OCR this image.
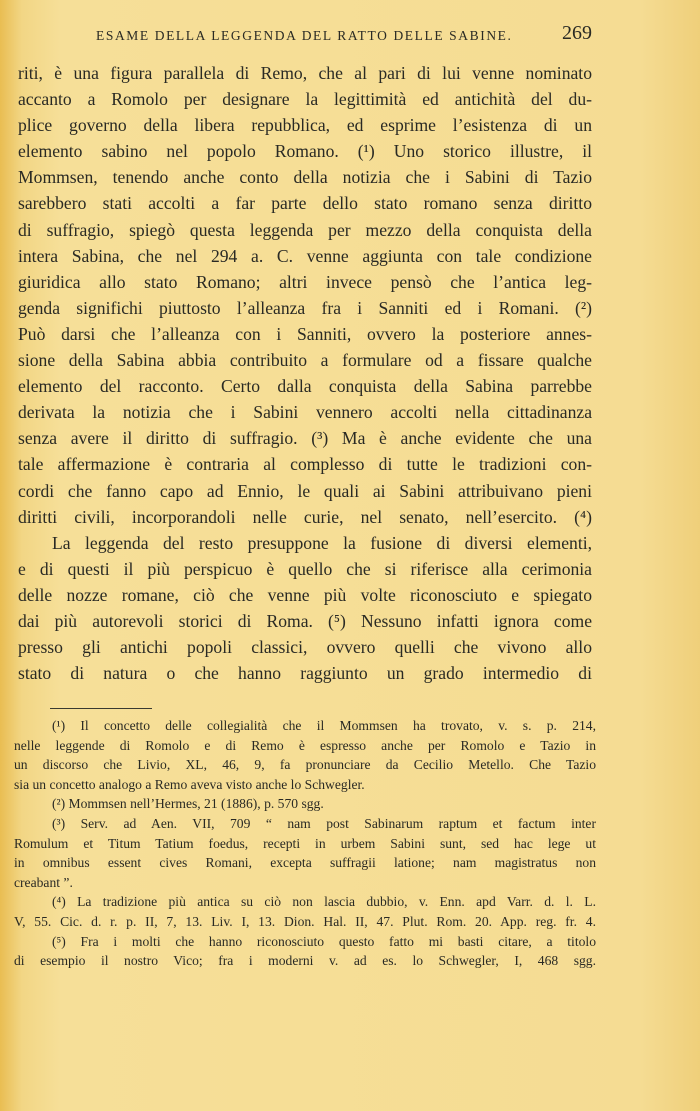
ESAME DELLA LEGGENDA DEL RATTO DELLE SABINE. 269
riti, è una figura parallela di Remo, che al pari di lui venne nominato
accanto a Romolo per designare la legittimità ed antichità del du-
plice governo della libera repubblica, ed esprime l’esistenza di un
elemento sabino nel popolo Romano. (¹) Uno storico illustre, il
Mommsen, tenendo anche conto della notizia che i Sabini di Tazio
sarebbero stati accolti a far parte dello stato romano senza diritto
di suffragio, spiegò questa leggenda per mezzo della conquista della
intera Sabina, che nel 294 a. C. venne aggiunta con tale condizione
giuridica allo stato Romano; altri invece pensò che l’antica leg-
genda significhi piuttosto l’alleanza fra i Sanniti ed i Romani. (²)
Può darsi che l’alleanza con i Sanniti, ovvero la posteriore annes-
sione della Sabina abbia contribuito a formulare od a fissare qualche
elemento del racconto. Certo dalla conquista della Sabina parrebbe
derivata la notizia che i Sabini vennero accolti nella cittadinanza
senza avere il diritto di suffragio. (³) Ma è anche evidente che una
tale affermazione è contraria al complesso di tutte le tradizioni con-
cordi che fanno capo ad Ennio, le quali ai Sabini attribuivano pieni
diritti civili, incorporandoli nelle curie, nel senato, nell’esercito. (⁴)
La leggenda del resto presuppone la fusione di diversi elementi,
e di questi il più perspicuo è quello che si riferisce alla cerimonia
delle nozze romane, ciò che venne più volte riconosciuto e spiegato
dai più autorevoli storici di Roma. (⁵) Nessuno infatti ignora come
presso gli antichi popoli classici, ovvero quelli che vivono allo
stato di natura o che hanno raggiunto un grado intermedio di
(¹) Il concetto delle collegialità che il Mommsen ha trovato, v. s. p. 214,
nelle leggende di Romolo e di Remo è espresso anche per Romolo e Tazio in
un discorso che Livio, XL, 46, 9, fa pronunciare da Cecilio Metello. Che Tazio
sia un concetto analogo a Remo aveva visto anche lo Schwegler.
(²) Mommsen nell’Hermes, 21 (1886), p. 570 sgg.
(³) Serv. ad Aen. VII, 709 “ nam post Sabinarum raptum et factum inter
Romulum et Titum Tatium foedus, recepti in urbem Sabini sunt, sed hac lege ut
in omnibus essent cives Romani, excepta suffragii latione; nam magistratus non
creabant ”.
(⁴) La tradizione più antica su ciò non lascia dubbio, v. Enn. apd Varr. d. l. L.
V, 55. Cic. d. r. p. II, 7, 13. Liv. I, 13. Dion. Hal. II, 47. Plut. Rom. 20. App. reg. fr. 4.
(⁵) Fra i molti che hanno riconosciuto questo fatto mi basti citare, a titolo
di esempio il nostro Vico; fra i moderni v. ad es. lo Schwegler, I, 468 sgg.
